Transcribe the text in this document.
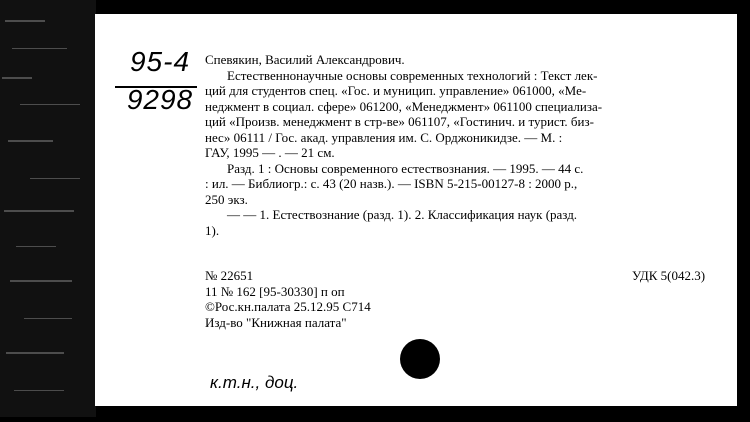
95-4
9298
Спевякин, Василий Александрович.
Естественнонаучные основы современных технологий : Текст лек-
ций для студентов спец. «Гос. и муницип. управление» 061000, «Ме-
неджмент в социал. сфере» 061200, «Менеджмент» 061100 специализа-
ций «Произв. менеджмент в стр-ве» 061107, «Гостинич. и турист. биз-
нес» 06111 / Гос. акад. управления им. С. Орджоникидзе. — М. :
ГАУ, 1995 — . — 21 см.
Разд. 1 : Основы современного естествознания. — 1995. — 44 с.
: ил. — Библиогр.: с. 43 (20 назв.). — ISBN 5-215-00127-8 : 2000 р.,
250 экз.
— — 1. Естествознание (разд. 1). 2. Классификация наук (разд.
1).
№ 22651
11 № 162 [95-30330] п оп
©Рос.кн.палата 25.12.95 С714
Изд-во "Книжная палата"
УДК 5(042.3)
к.т.н., доц.
